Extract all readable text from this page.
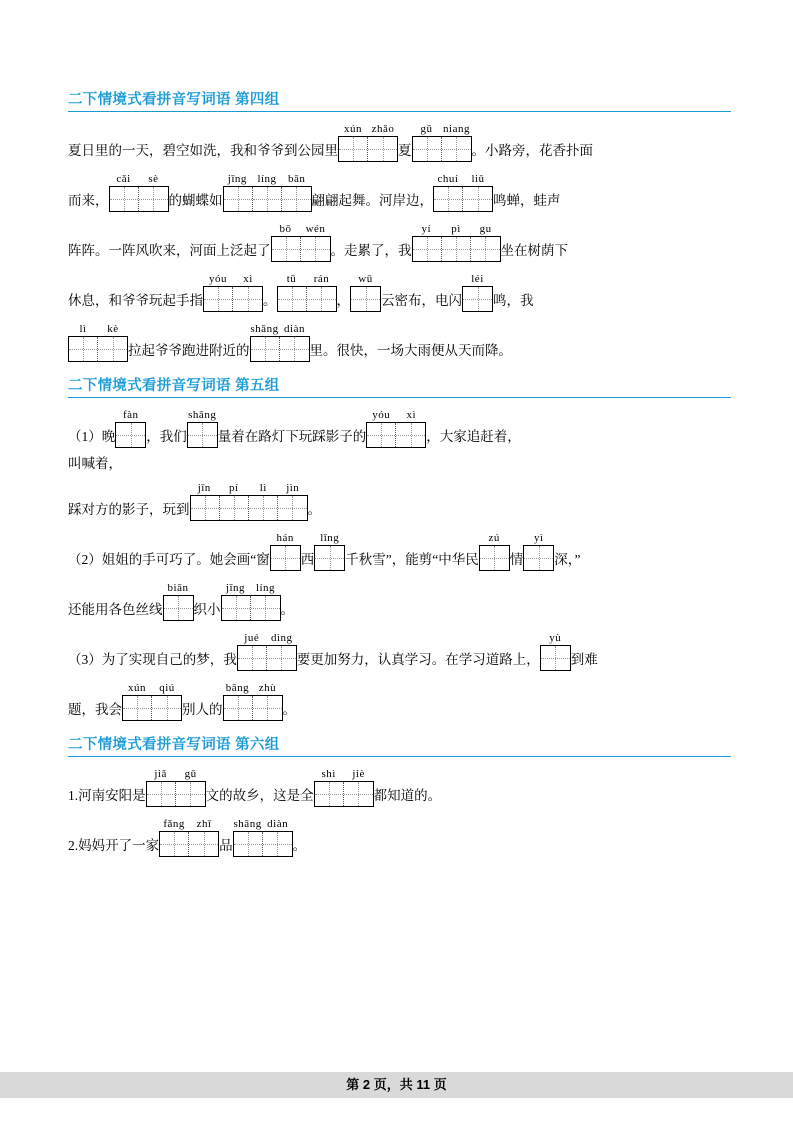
二下情境式看拼音写词语 第四组
夏日里的一天，碧空如洗，我和爷爷到公园里
xún zhǎo
夏
gū niang
。小路旁，花香扑面
而来，
cǎi	sè
的蝴蝶如
jīng líng	bān
翩翩起舞。河岸边，
chuí	liǔ
鸣蝉，蛙声
阵阵。一阵风吹来，河面上泛起了
bō	wén
。走累了，我
yí	pì	gu
坐在树荫下
休息，和爷爷玩起手指
yóu	xì
。
tū	rán
，
wū
云密布，电闪
léi
鸣，我
lì	kè
拉起爷爷跑进附近的
shāng diàn
里。很快，一场大雨便从天而降。
二下情境式看拼音写词语 第五组
（1）晚
fàn
，我们
shāng
量着在路灯下玩踩影子的
yóu	xì
，大家追赶着，
叫喊着，
踩对方的影子，玩到
jīn	pí	lì	jìn
。
（2）姐姐的手可巧了。她会画“窗
hán
西
lǐng
千秋雪”，能剪“中华民
zú
情
yì
深，”
还能用各色丝线
biān
织小
jīng líng
。
（3）为了实现自己的梦，我
jué	dìng
要更加努力，认真学习。在学习道路上，
yù
到难
题，我会
xún	qiú
别人的
bāng zhù
。
二下情境式看拼音写词语 第六组
1.河南安阳是
jiǎ	gǔ
文的故乡，这是全
shì	jiè
都知道的。
2.妈妈开了一家
fǎng	zhī
品
shāng diàn
。
第 2 页，共 11 页
